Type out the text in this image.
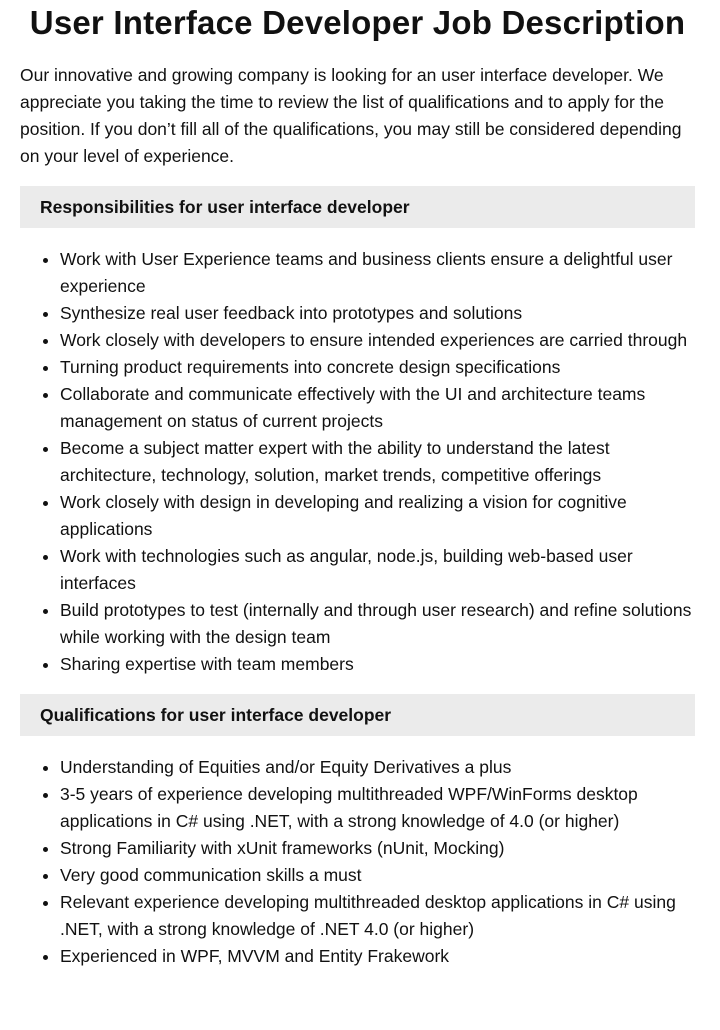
User Interface Developer Job Description

Our innovative and growing company is looking for an user interface developer. We appreciate you taking the time to review the list of qualifications and to apply for the position. If you don’t fill all of the qualifications, you may still be considered depending on your level of experience.

Responsibilities for user interface developer
• Work with User Experience teams and business clients ensure a delightful user experience
• Synthesize real user feedback into prototypes and solutions
• Work closely with developers to ensure intended experiences are carried through
• Turning product requirements into concrete design specifications
• Collaborate and communicate effectively with the UI and architecture teams management on status of current projects
• Become a subject matter expert with the ability to understand the latest architecture, technology, solution, market trends, competitive offerings
• Work closely with design in developing and realizing a vision for cognitive applications
• Work with technologies such as angular, node.js, building web-based user interfaces
• Build prototypes to test (internally and through user research) and refine solutions while working with the design team
• Sharing expertise with team members
Qualifications for user interface developer
• Understanding of Equities and/or Equity Derivatives a plus
• 3-5 years of experience developing multithreaded WPF/WinForms desktop applications in C# using .NET, with a strong knowledge of 4.0 (or higher)
• Strong Familiarity with xUnit frameworks (nUnit, Mocking)
• Very good communication skills a must
• Relevant experience developing multithreaded desktop applications in C# using .NET, with a strong knowledge of .NET 4.0 (or higher)
• Experienced in WPF, MVVM and Entity Frakework
